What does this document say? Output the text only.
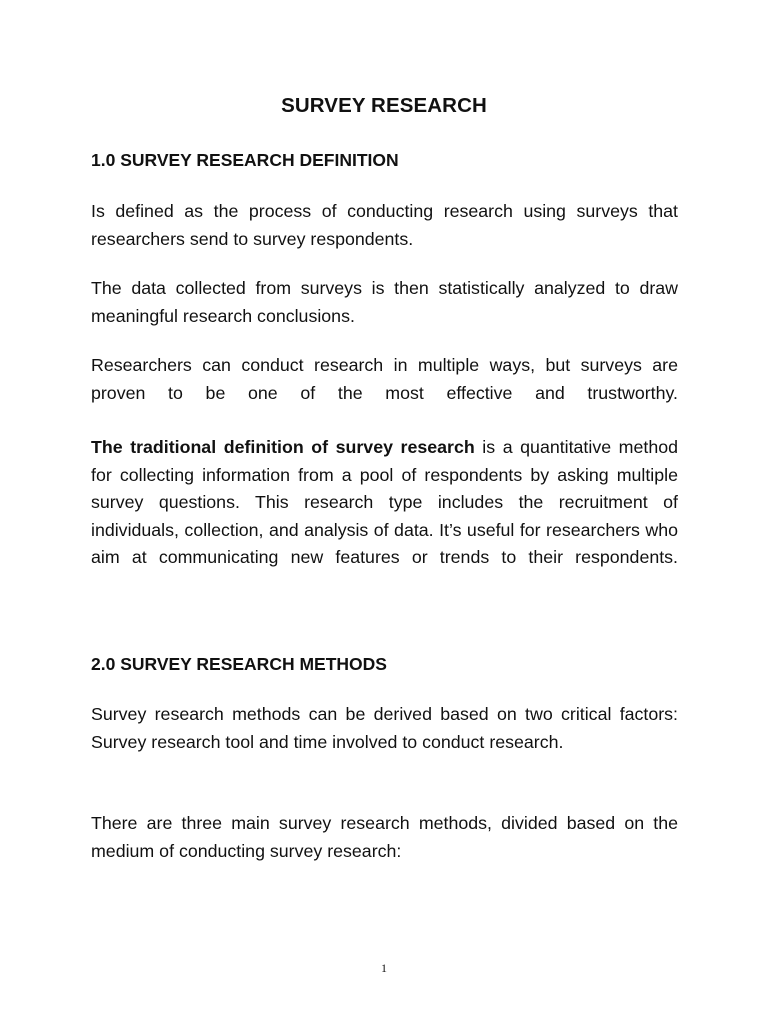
SURVEY RESEARCH
1.0 SURVEY RESEARCH DEFINITION

Is defined as the process of conducting research using surveys that researchers send to survey respondents.

The data collected from surveys is then statistically analyzed to draw meaningful research conclusions.

Researchers can conduct research in multiple ways, but surveys are proven to be one of the most effective and trustworthy.

The traditional definition of survey research is a quantitative method for collecting information from a pool of respondents by asking multiple survey questions. This research type includes the recruitment of individuals, collection, and analysis of data. It’s useful for researchers who aim at communicating new features or trends to their respondents.

2.0 SURVEY RESEARCH METHODS

Survey research methods can be derived based on two critical factors: Survey research tool and time involved to conduct research.

There are three main survey research methods, divided based on the medium of conducting survey research:

1
